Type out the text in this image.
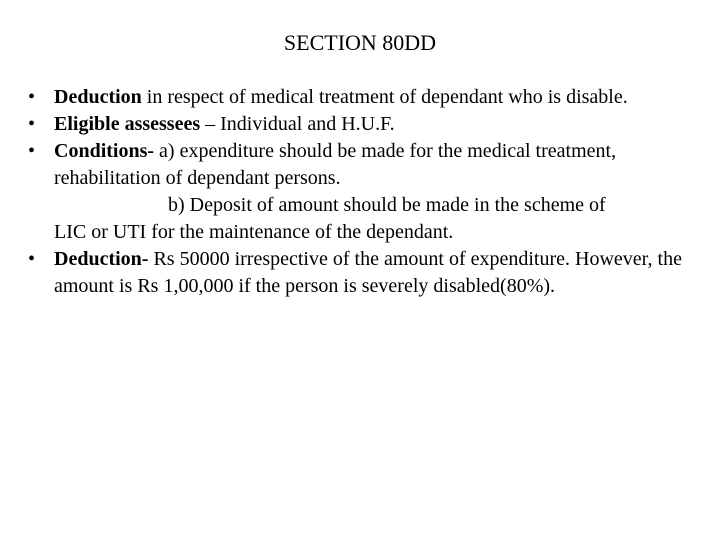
SECTION 80DD
• Deduction in respect of medical treatment of dependant who is disable.
• Eligible assessees – Individual and H.U.F.
• Conditions- a) expenditure should be made for the medical treatment, rehabilitation of dependant persons.
b) Deposit of amount should be made in the scheme of
LIC or UTI for the maintenance of the dependant.
• Deduction- Rs 50000 irrespective of the amount of expenditure. However, the amount is Rs 1,00,000 if the person is severely disabled(80%).
